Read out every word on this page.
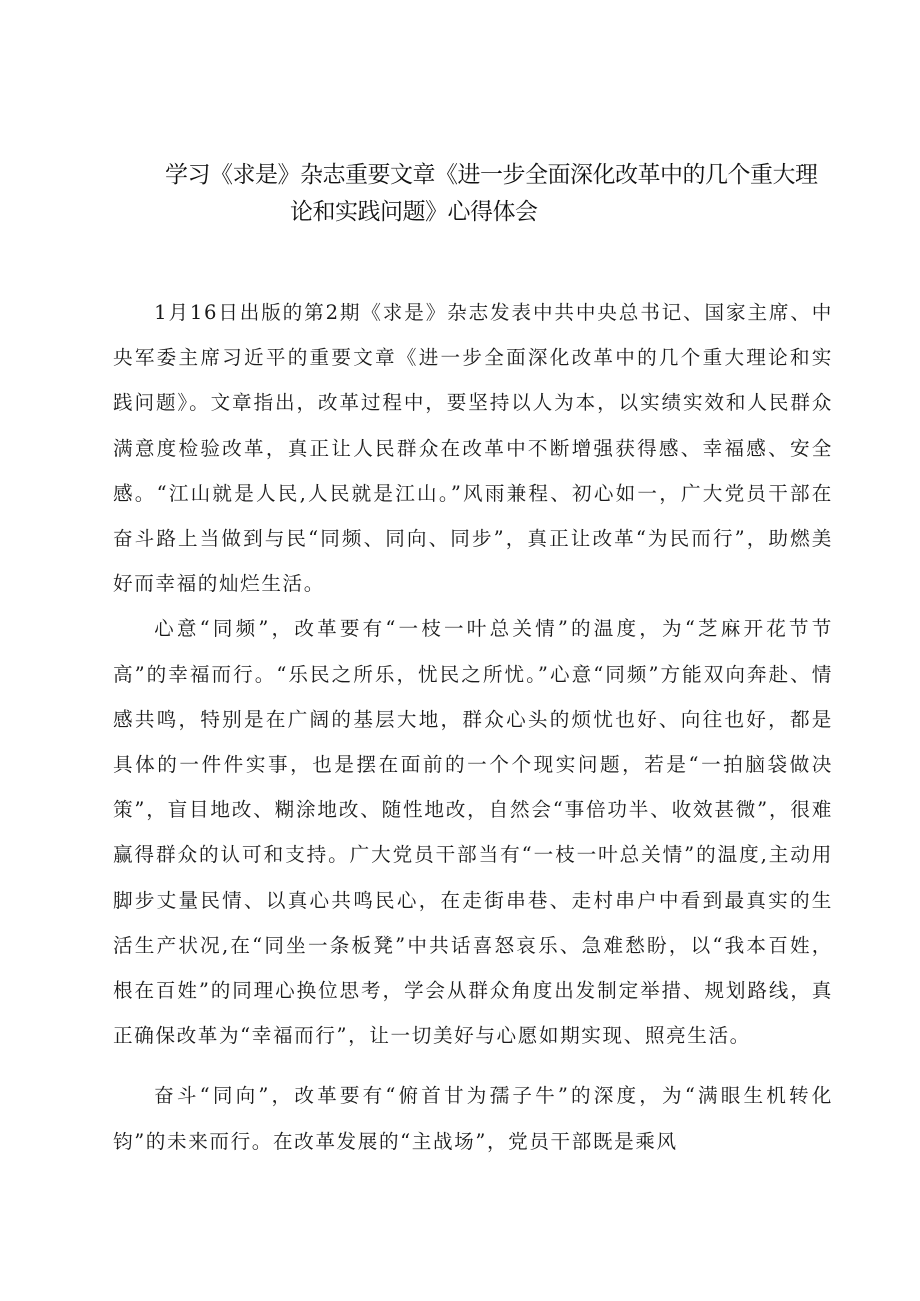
学习《求是》杂志重要文章《进一步全面深化改革中的几个重大理
论和实践问题》心得体会

1月16日出版的第2期《求是》杂志发表中共中央总书记、国家主席、中央军委主席习近平的重要文章《进一步全面深化改革中的几个重大理论和实践问题》。文章指出，改革过程中，要坚持以人为本，以实绩实效和人民群众满意度检验改革，真正让人民群众在改革中不断增强获得感、幸福感、安全感。“江山就是人民,人民就是江山。”风雨兼程、初心如一，广大党员干部在奋斗路上当做到与民“同频、同向、同步”，真正让改革“为民而行”，助燃美好而幸福的灿烂生活。

心意“同频”，改革要有“一枝一叶总关情”的温度，为“芝麻开花节节高”的幸福而行。“乐民之所乐，忧民之所忧。”心意“同频”方能双向奔赴、情感共鸣，特别是在广阔的基层大地，群众心头的烦忧也好、向往也好，都是具体的一件件实事，也是摆在面前的一个个现实问题，若是“一拍脑袋做决策”，盲目地改、糊涂地改、随性地改，自然会“事倍功半、收效甚微”，很难赢得群众的认可和支持。广大党员干部当有“一枝一叶总关情”的温度,主动用脚步丈量民情、以真心共鸣民心，在走街串巷、走村串户中看到最真实的生活生产状况,在“同坐一条板凳”中共话喜怒哀乐、急难愁盼，以“我本百姓，根在百姓”的同理心换位思考，学会从群众角度出发制定举措、规划路线，真正确保改革为“幸福而行”，让一切美好与心愿如期实现、照亮生活。

奋斗“同向”，改革要有“俯首甘为孺子牛”的深度，为“满眼生机转化钧”的未来而行。在改革发展的“主战场”，党员干部既是乘风
